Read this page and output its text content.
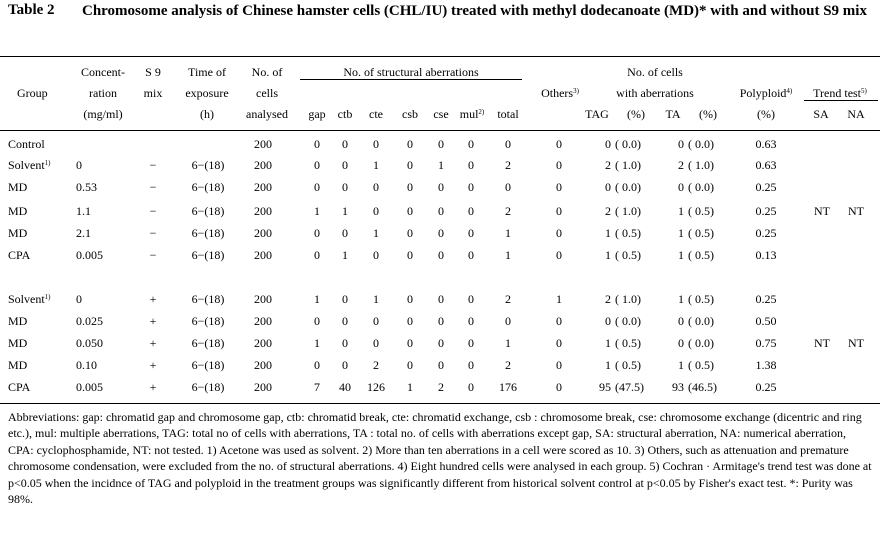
Table 2 Chromosome analysis of Chinese hamster cells (CHL/IU) treated with methyl dodecanoate (MD)* with and without S9 mix
Group
Concent-
ration
(mg/ml)
S 9
mix
Time of
exposure
(h)
No. of
cells
analysed
No. of structural aberrations
gap ctb cte csb cse mul$^{2)}$ total
Others$^{3)}$
No. of cells
with aberrations
TAG (%) TA (%)
Polyploid$^{4)}$
(%)
Trend test$^{5)}$
SA NA
Control	200	0 0 0 0 0 0	0	0	0 ( 0.0)	0 ( 0.0)	0.63
Solvent$^{1)}$ 0	−	6−(18) 200	0 0 1 0 1 0	2	0	2 ( 1.0)	2 ( 1.0)	0.63
MD	0.53	−	6−(18) 200	0 0 0 0 0 0	0	0	0 ( 0.0)	0 ( 0.0)	0.25
MD	1.1	−	6−(18) 200	1 1 0 0 0 0	2	0	2 ( 1.0)	1 ( 0.5)	0.25	NT NT
MD	2.1	−	6−(18) 200	0 0 1 0 0 0	1	0	1 ( 0.5)	1 ( 0.5)	0.25
CPA	0.005	−	6−(18) 200	0 1 0 0 0 0	1	0	1 ( 0.5)	1 ( 0.5)	0.13
Solvent$^{1)}$ 0	+	6−(18) 200	1 0 1 0 0 0	2	1	2 ( 1.0)	1 ( 0.5)	0.25
MD	0.025	+	6−(18) 200	0 0 0 0 0 0	0	0	0 ( 0.0)	0 ( 0.0)	0.50
MD	0.050	+	6−(18) 200	1 0 0 0 0 0	1	0	1 ( 0.5)	0 ( 0.0)	0.75	NT NT
MD	0.10	+	6−(18) 200	0 0 2 0 0 0	2	0	1 ( 0.5)	1 ( 0.5)	1.38
CPA	0.005	+	6−(18) 200	7 40 126 1 2 0 176	0	95 (47.5) 93 (46.5)	0.25
Abbreviations: gap: chromatid gap and chromosome gap, ctb: chromatid break, cte: chromatid exchange, csb : chromosome break, cse: chromosome exchange (dicentric and ring etc.), mul: multiple aberrations, TAG: total no of cells with aberrations, TA : total no. of cells with aberrations except gap, SA: structural aberration, NA: numerical aberration, CPA: cyclophosphamide, NT: not tested. 1) Acetone was used as solvent. 2) More than ten aberrations in a cell were scored as 10. 3) Others, such as attenuation and premature chromosome condensation, were excluded from the no. of structural aberrations. 4) Eight hundred cells were analysed in each group. 5) Cochran · Armitage's trend test was done at p<0.05 when the incidnce of TAG and polyploid in the treatment groups was significantly different from historical solvent control at p<0.05 by Fisher's exact test. *: Purity was 98%.
